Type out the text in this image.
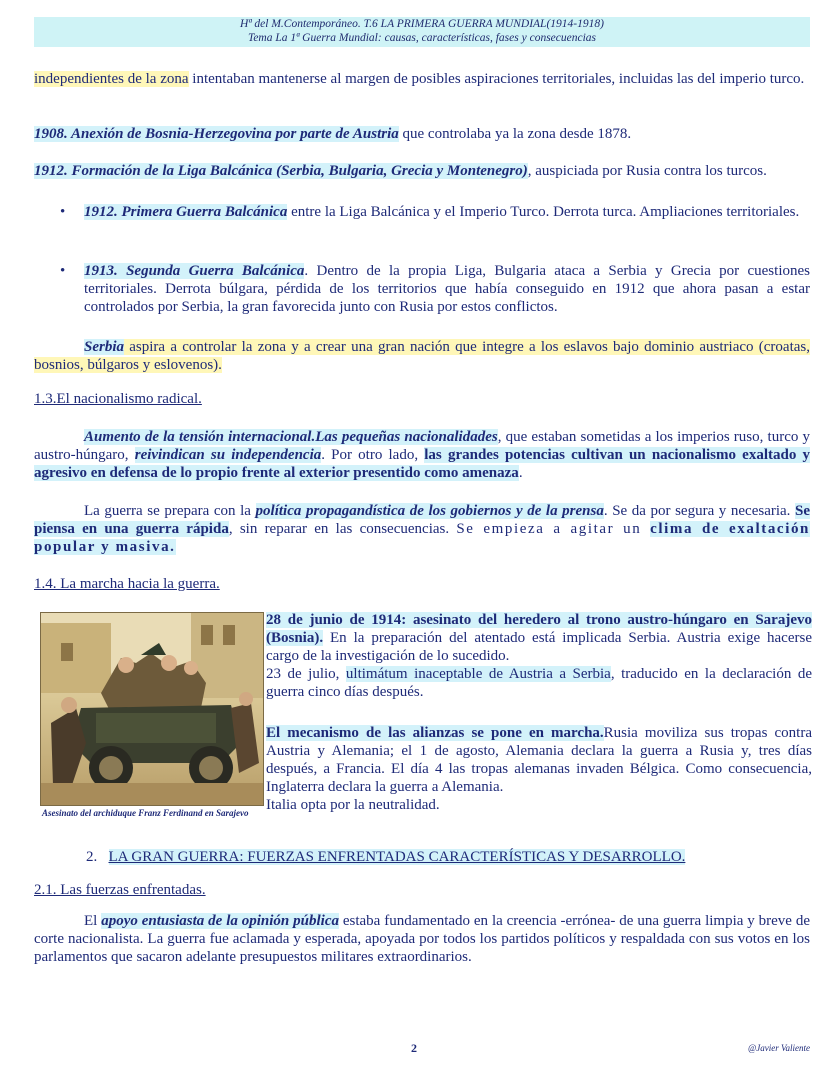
Hª del M.Contemporáneo. T.6 LA PRIMERA GUERRA MUNDIAL(1914-1918)
Tema La 1ª Guerra Mundial: causas, características, fases y consecuencias
independientes de la zona intentaban mantenerse al margen de posibles aspiraciones territoriales, incluidas las del imperio turco.
1908. Anexión de Bosnia-Herzegovina por parte de Austria que controlaba ya la zona desde 1878.
1912. Formación de la Liga Balcánica (Serbia, Bulgaria, Grecia y Montenegro), auspiciada por Rusia contra los turcos.
• 1912. Primera Guerra Balcánica entre la Liga Balcánica y el Imperio Turco. Derrota turca. Ampliaciones territoriales.
• 1913. Segunda Guerra Balcánica. Dentro de la propia Liga, Bulgaria ataca a Serbia y Grecia por cuestiones territoriales. Derrota búlgara, pérdida de los territorios que había conseguido en 1912 que ahora pasan a estar controlados por Serbia, la gran favorecida junto con Rusia por estos conflictos.
Serbia aspira a controlar la zona y a crear una gran nación que integre a los eslavos bajo dominio austriaco (croatas, bosnios, búlgaros y eslovenos).
1.3.El nacionalismo radical.
Aumento de la tensión internacional.Las pequeñas nacionalidades, que estaban sometidas a los imperios ruso, turco y austro-húngaro, reivindican su independencia. Por otro lado, las grandes potencias cultivan un nacionalismo exaltado y agresivo en defensa de lo propio frente al exterior presentido como amenaza.
La guerra se prepara con la política propagandística de los gobiernos y de la prensa. Se da por segura y necesaria. Se piensa en una guerra rápida, sin reparar en las consecuencias. Se empieza a agitar un clima de exaltación popular y masiva.
1.4. La marcha hacia la guerra.
Asesinato del archiduque Franz Ferdinand en Sarajevo
28 de junio de 1914: asesinato del heredero al trono austro-húngaro en Sarajevo (Bosnia). En la preparación del atentado está implicada Serbia. Austria exige hacerse cargo de la investigación de lo sucedido.
23 de julio, ultimátum inaceptable de Austria a Serbia, traducido en la declaración de guerra cinco días después.
El mecanismo de las alianzas se pone en marcha.Rusia moviliza sus tropas contra Austria y Alemania; el 1 de agosto, Alemania declara la guerra a Rusia y, tres días después, a Francia. El día 4 las tropas alemanas invaden Bélgica. Como consecuencia, Inglaterra declara la guerra a Alemania.
Italia opta por la neutralidad.
2. LA GRAN GUERRA: FUERZAS ENFRENTADAS CARACTERÍSTICAS Y DESARROLLO.
2.1. Las fuerzas enfrentadas.
El apoyo entusiasta de la opinión pública estaba fundamentado en la creencia -errónea- de una guerra limpia y breve de corte nacionalista. La guerra fue aclamada y esperada, apoyada por todos los partidos políticos y respaldada con sus votos en los parlamentos que sacaron adelante presupuestos militares extraordinarios.
2	@Javier Valiente
